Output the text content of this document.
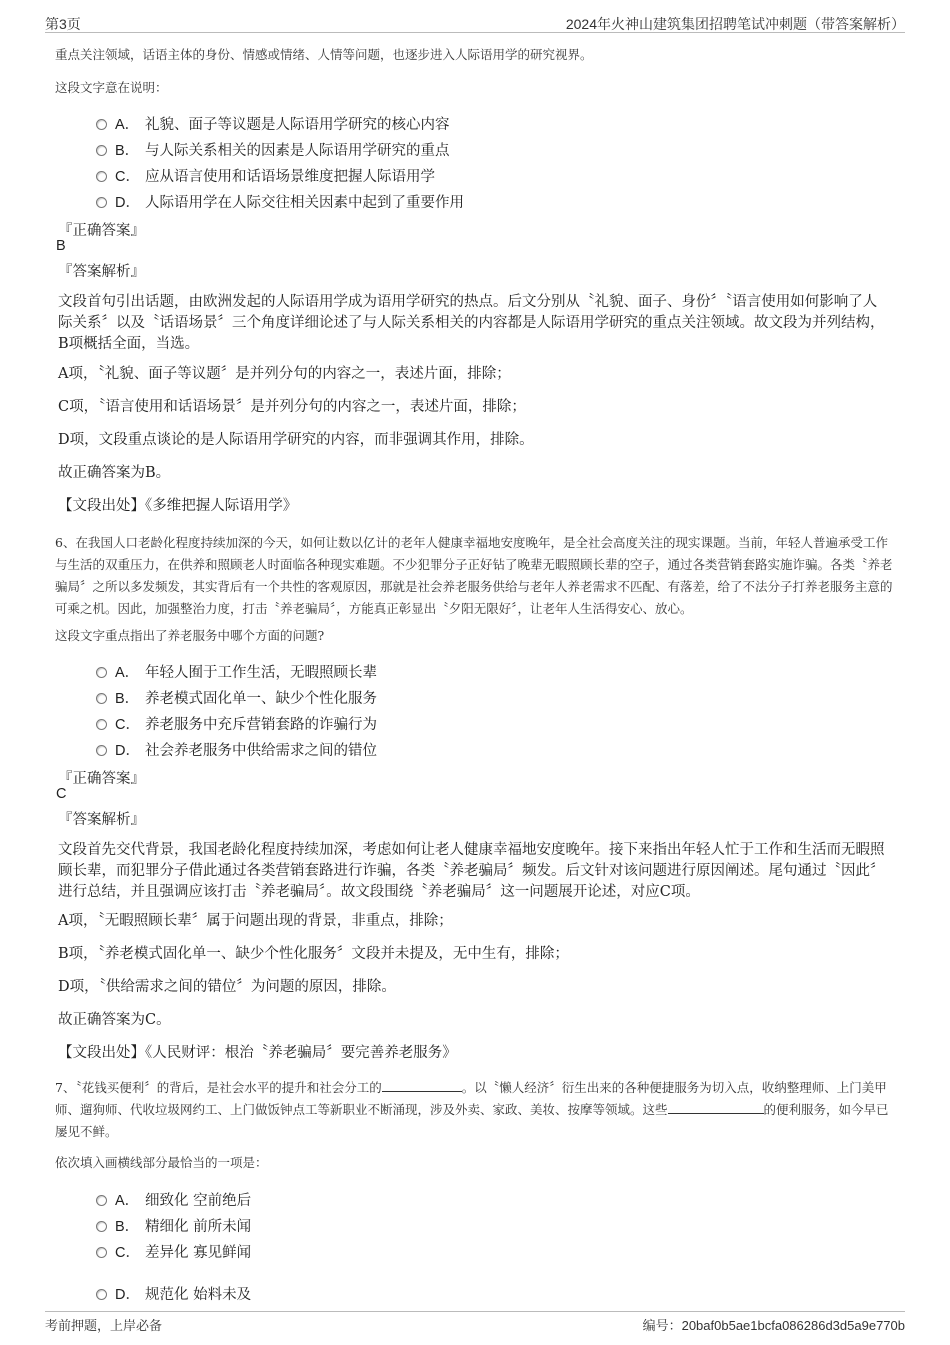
第3页	2024年火神山建筑集团招聘笔试冲刺题（带答案解析）
重点关注领域，话语主体的身份、情感或情绪、人情等问题，也逐步进入人际语用学的研究视界。
这段文字意在说明：
A． 礼貌、面子等议题是人际语用学研究的核心内容
B． 与人际关系相关的因素是人际语用学研究的重点
C． 应从语言使用和话语场景维度把握人际语用学
D． 人际语用学在人际交往相关因素中起到了重要作用
『正确答案』
B
『答案解析』
文段首句引出话题，由欧洲发起的人际语用学成为语用学研究的热点。后文分别从〝礼貌、面子、身份〞〝语言使用如何影响了人际关系〞以及〝话语场景〞三个角度详细论述了与人际关系相关的内容都是人际语用学研究的重点关注领域。故文段为并列结构，B项概括全面，当选。
A项，〝礼貌、面子等议题〞是并列分句的内容之一，表述片面，排除；
C项，〝语言使用和话语场景〞是并列分句的内容之一，表述片面，排除；
D项，文段重点谈论的是人际语用学研究的内容，而非强调其作用，排除。
故正确答案为B。
【文段出处】《多维把握人际语用学》
6、在我国人口老龄化程度持续加深的今天，如何让数以亿计的老年人健康幸福地安度晚年，是全社会高度关注的现实课题。当前，年轻人普遍承受工作与生活的双重压力，在供养和照顾老人时面临各种现实难题。不少犯罪分子正好钻了晚辈无暇照顾长辈的空子，通过各类营销套路实施诈骗。各类〝养老骗局〞之所以多发频发，其实背后有一个共性的客观原因，那就是社会养老服务供给与老年人养老需求不匹配、有落差，给了不法分子打养老服务主意的可乘之机。因此，加强整治力度，打击〝养老骗局〞，方能真正彰显出〝夕阳无限好〞，让老年人生活得安心、放心。
这段文字重点指出了养老服务中哪个方面的问题?
A． 年轻人囿于工作生活，无暇照顾长辈
B． 养老模式固化单一、缺少个性化服务
C． 养老服务中充斥营销套路的诈骗行为
D． 社会养老服务中供给需求之间的错位
『正确答案』
C
『答案解析』
文段首先交代背景，我国老龄化程度持续加深，考虑如何让老人健康幸福地安度晚年。接下来指出年轻人忙于工作和生活而无暇照顾长辈，而犯罪分子借此通过各类营销套路进行诈骗，各类〝养老骗局〞频发。后文针对该问题进行原因阐述。尾句通过〝因此〞进行总结，并且强调应该打击〝养老骗局〞。故文段围绕〝养老骗局〞这一问题展开论述，对应C项。
A项，〝无暇照顾长辈〞属于问题出现的背景，非重点，排除；
B项，〝养老模式固化单一、缺少个性化服务〞文段并未提及，无中生有，排除；
D项，〝供给需求之间的错位〞为问题的原因，排除。
故正确答案为C。
【文段出处】《人民财评：根治〝养老骗局〞要完善养老服务》
7、〝花钱买便利〞的背后，是社会水平的提升和社会分工的	。以〝懒人经济〞衍生出来的各种便捷服务为切入点，收纳整理师、上门美甲师、遛狗师、代收垃圾网约工、上门做饭钟点工等新职业不断涌现，涉及外卖、家政、美妆、按摩等领域。这些	的便利服务，如今早已屡见不鲜。
依次填入画横线部分最恰当的一项是：
A． 细致化 空前绝后
B． 精细化 前所未闻
C． 差异化 寡见鲜闻
D． 规范化 始料未及
考前押题，上岸必备	编号：20baf0b5ae1bcfa086286d3d5a9e770b
